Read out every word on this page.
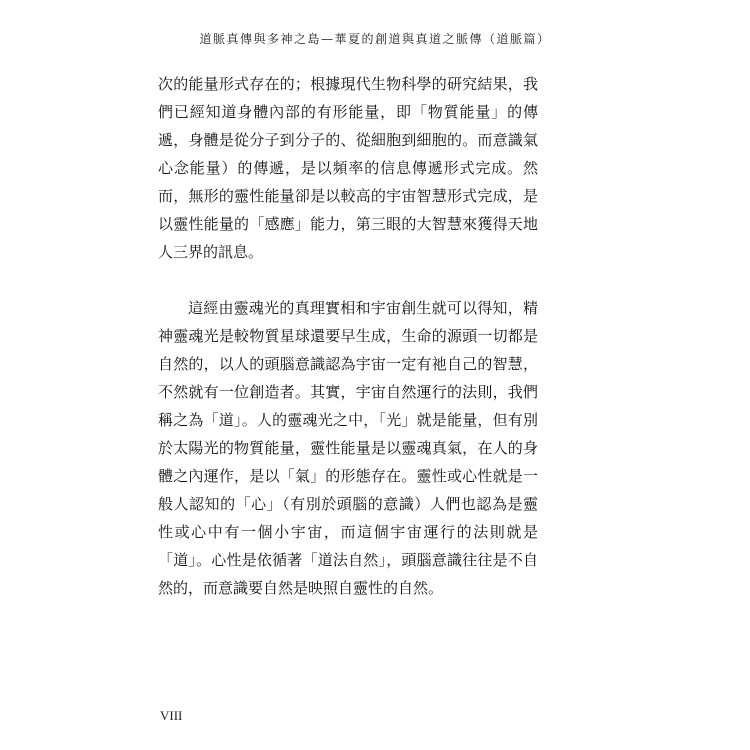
道脈真傳與多神之島—華夏的創道與真道之脈傳（道脈篇）

次的能量形式存在的；根據現代生物科學的研究結果，我們已經知道身體內部的有形能量，即「物質能量」的傳遞，身體是從分子到分子的、從細胞到細胞的。而意識氣心念能量）的傳遞，是以頻率的信息傳遞形式完成。然而，無形的靈性能量卻是以較高的宇宙智慧形式完成，是以靈性能量的「感應」能力，第三眼的大智慧來獲得天地人三界的訊息。

這經由靈魂光的真理實相和宇宙創生就可以得知，精神靈魂光是較物質星球還要早生成，生命的源頭一切都是自然的，以人的頭腦意識認為宇宙一定有祂自己的智慧，不然就有一位創造者。其實，宇宙自然運行的法則，我們稱之為「道」。人的靈魂光之中，「光」就是能量，但有別於太陽光的物質能量，靈性能量是以靈魂真氣，在人的身體之內運作，是以「氣」的形態存在。靈性或心性就是一般人認知的「心」（有別於頭腦的意識）人們也認為是靈性或心中有一個小宇宙，而這個宇宙運行的法則就是「道」。心性是依循著「道法自然」，頭腦意識往往是不自然的，而意識要自然是映照自靈性的自然。

VIII
